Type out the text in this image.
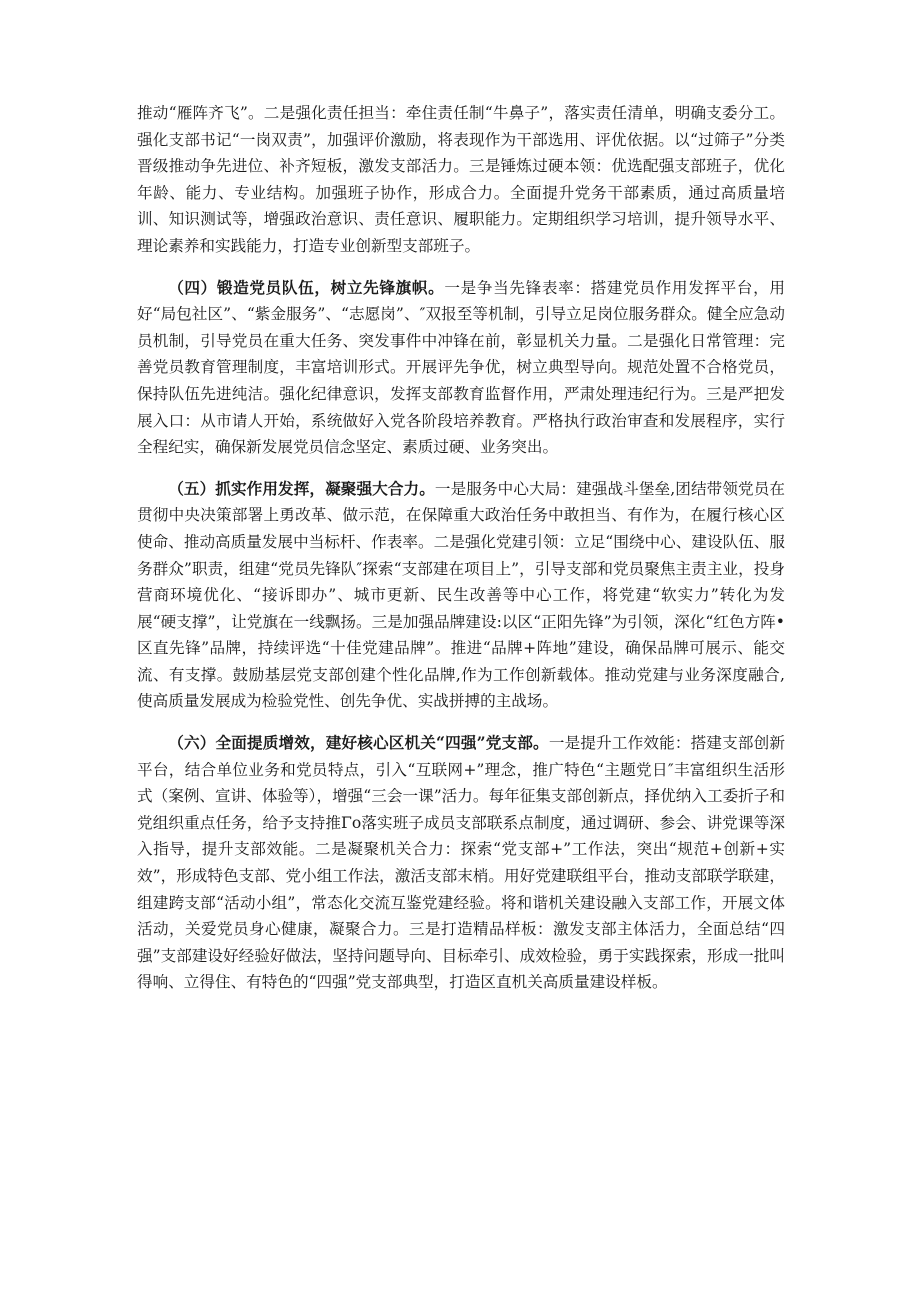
推动“雁阵齐飞”。二是强化责任担当：牵住责任制“牛鼻子”，落实责任清单，明确支委分工。强化支部书记“一岗双责”，加强评价激励，将表现作为干部选用、评优依据。以“过筛子”分类晋级推动争先进位、补齐短板，激发支部活力。三是锤炼过硬本领：优选配强支部班子，优化年龄、能力、专业结构。加强班子协作，形成合力。全面提升党务干部素质，通过高质量培训、知识测试等，增强政治意识、责任意识、履职能力。定期组织学习培训，提升领导水平、理论素养和实践能力，打造专业创新型支部班子。

（四）锻造党员队伍，树立先锋旗帜。一是争当先锋表率：搭建党员作用发挥平台，用好“局包社区”、“紫金服务”、“志愿岗”、″双报至等机制，引导立足岗位服务群众。健全应急动员机制，引导党员在重大任务、突发事件中冲锋在前，彰显机关力量。二是强化日常管理：完善党员教育管理制度，丰富培训形式。开展评先争优，树立典型导向。规范处置不合格党员，保持队伍先进纯洁。强化纪律意识，发挥支部教育监督作用，严肃处理违纪行为。三是严把发展入口：从市请人开始，系统做好入党各阶段培养教育。严格执行政治审查和发展程序，实行全程纪实，确保新发展党员信念坚定、素质过硬、业务突出。

（五）抓实作用发挥，凝聚强大合力。一是服务中心大局：建强战斗堡垒,团结带领党员在贯彻中央决策部署上勇改革、做示范，在保障重大政治任务中敢担当、有作为，在履行核心区使命、推动高质量发展中当标杆、作表率。二是强化党建引领：立足“围绕中心、建设队伍、服务群众”职责，组建“党员先锋队″探索“支部建在项目上”，引导支部和党员聚焦主责主业，投身营商环境优化、“接诉即办”、城市更新、民生改善等中心工作，将党建“软实力”转化为发展“硬支撑”，让党旗在一线飘扬。三是加强品牌建设:以区“正阳先锋”为引领，深化“红色方阵•区直先锋”品牌，持续评选“十佳党建品牌”。推进“品牌+阵地”建设，确保品牌可展示、能交流、有支撑。鼓励基层党支部创建个性化品牌,作为工作创新载体。推动党建与业务深度融合,使高质量发展成为检验党性、创先争优、实战拼搏的主战场。

（六）全面提质增效，建好核心区机关“四强”党支部。一是提升工作效能：搭建支部创新平台，结合单位业务和党员特点，引入“互联网+”理念，推广特色“主题党日″丰富组织生活形式（案例、宣讲、体验等），增强“三会一课”活力。每年征集支部创新点，择优纳入工委折子和党组织重点任务，给予支持推Γo落实班子成员支部联系点制度，通过调研、参会、讲党课等深入指导，提升支部效能。二是凝聚机关合力：探索“党支部+”工作法，突出“规范+创新+实效”，形成特色支部、党小组工作法，激活支部末梢。用好党建联组平台，推动支部联学联建，组建跨支部“活动小组”，常态化交流互鉴党建经验。将和谐机关建设融入支部工作，开展文体活动，关爱党员身心健康，凝聚合力。三是打造精品样板：激发支部主体活力，全面总结“四强”支部建设好经验好做法，坚持问题导向、目标牵引、成效检验，勇于实践探索，形成一批叫得响、立得住、有特色的“四强”党支部典型，打造区直机关高质量建设样板。
